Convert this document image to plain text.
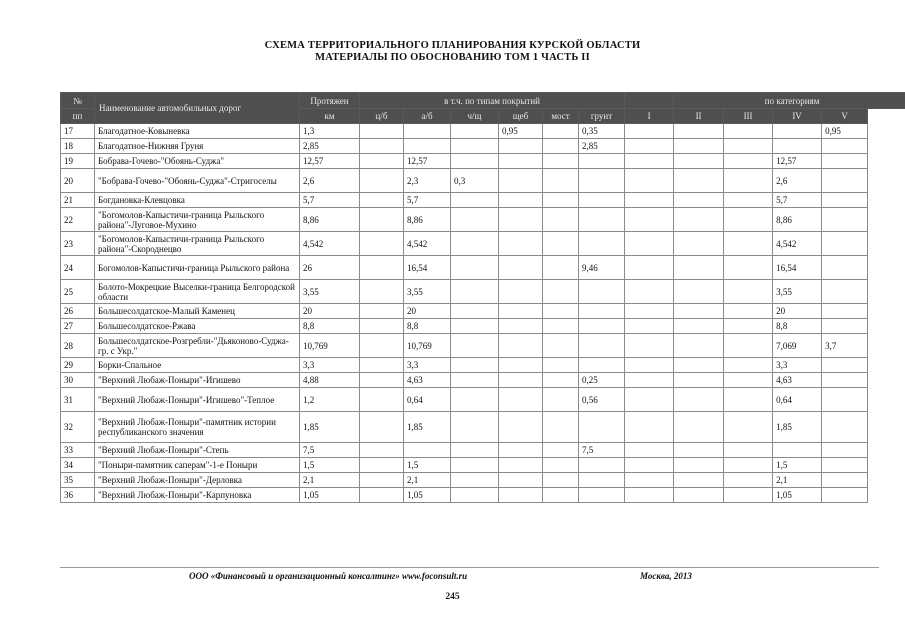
СХЕМА ТЕРРИТОРИАЛЬНОГО ПЛАНИРОВАНИЯ КУРСКОЙ ОБЛАСТИ
МАТЕРИАЛЫ ПО ОБОСНОВАНИЮ ТОМ 1 ЧАСТЬ II
№	Наименование автомобильных дорог	Протяжен	в т.ч. по типам покрытий							по категориям			
пп		км	ц/б	а/б	ч/щ	щеб	мост	грунт	I	II	III	IV	V
17	Благодатное-Ковыневка	1,3				0,95		0,35					0,95
18	Благодатное-Нижняя Груня	2,85						2,85					
19	Бобрава-Гочево-"Обоянь-Суджа"	12,57		12,57								12,57	
20	"Бобрава-Гочево-"Обоянь-Суджа"-Стригоселы	2,6		2,3	0,3							2,6	
21	Богдановка-Клевцовка	5,7		5,7								5,7	
22	"Богомолов-Капыстичи-граница Рыльского района"-Луговое-Мухино	8,86		8,86								8,86	
23	"Богомолов-Капыстичи-граница Рыльского района"-Скороднецво	4,542		4,542								4,542	
24	Богомолов-Капыстичи-граница Рыльского района	26		16,54				9,46				16,54	
25	Болото-Мокрецкие Выселки-граница Белгородской области	3,55		3,55								3,55	
26	Большесолдатское-Малый Каменец	20		20								20	
27	Большесолдатское-Ржава	8,8		8,8								8,8	
28	Большесолдатское-Розгребли-"Дьяконово-Суджа-гр. с Укр."	10,769		10,769								7,069	3,7
29	Борки-Спальное	3,3		3,3								3,3	
30	"Верхний Любаж-Поныри"-Игишево	4,88		4,63				0,25				4,63	
31	"Верхний Любаж-Поныри"-Игишево"-Теплое	1,2		0,64				0,56				0,64	
32	"Верхний Любаж-Поныри"-памятник истории республиканского значения	1,85		1,85								1,85	
33	"Верхний Любаж-Поныри"-Степь	7,5						7,5					
34	"Поныри-памятник саперам"-1-е Поныри	1,5		1,5								1,5	
35	"Верхний Любаж-Поныри"-Дерловка	2,1		2,1								2,1	
36	"Верхний Любаж-Поныри"-Карпуновка	1,05		1,05								1,05	
ООО «Финансовый и организационный консалтинг» www.foconsult.ru	Москва, 2013
245
